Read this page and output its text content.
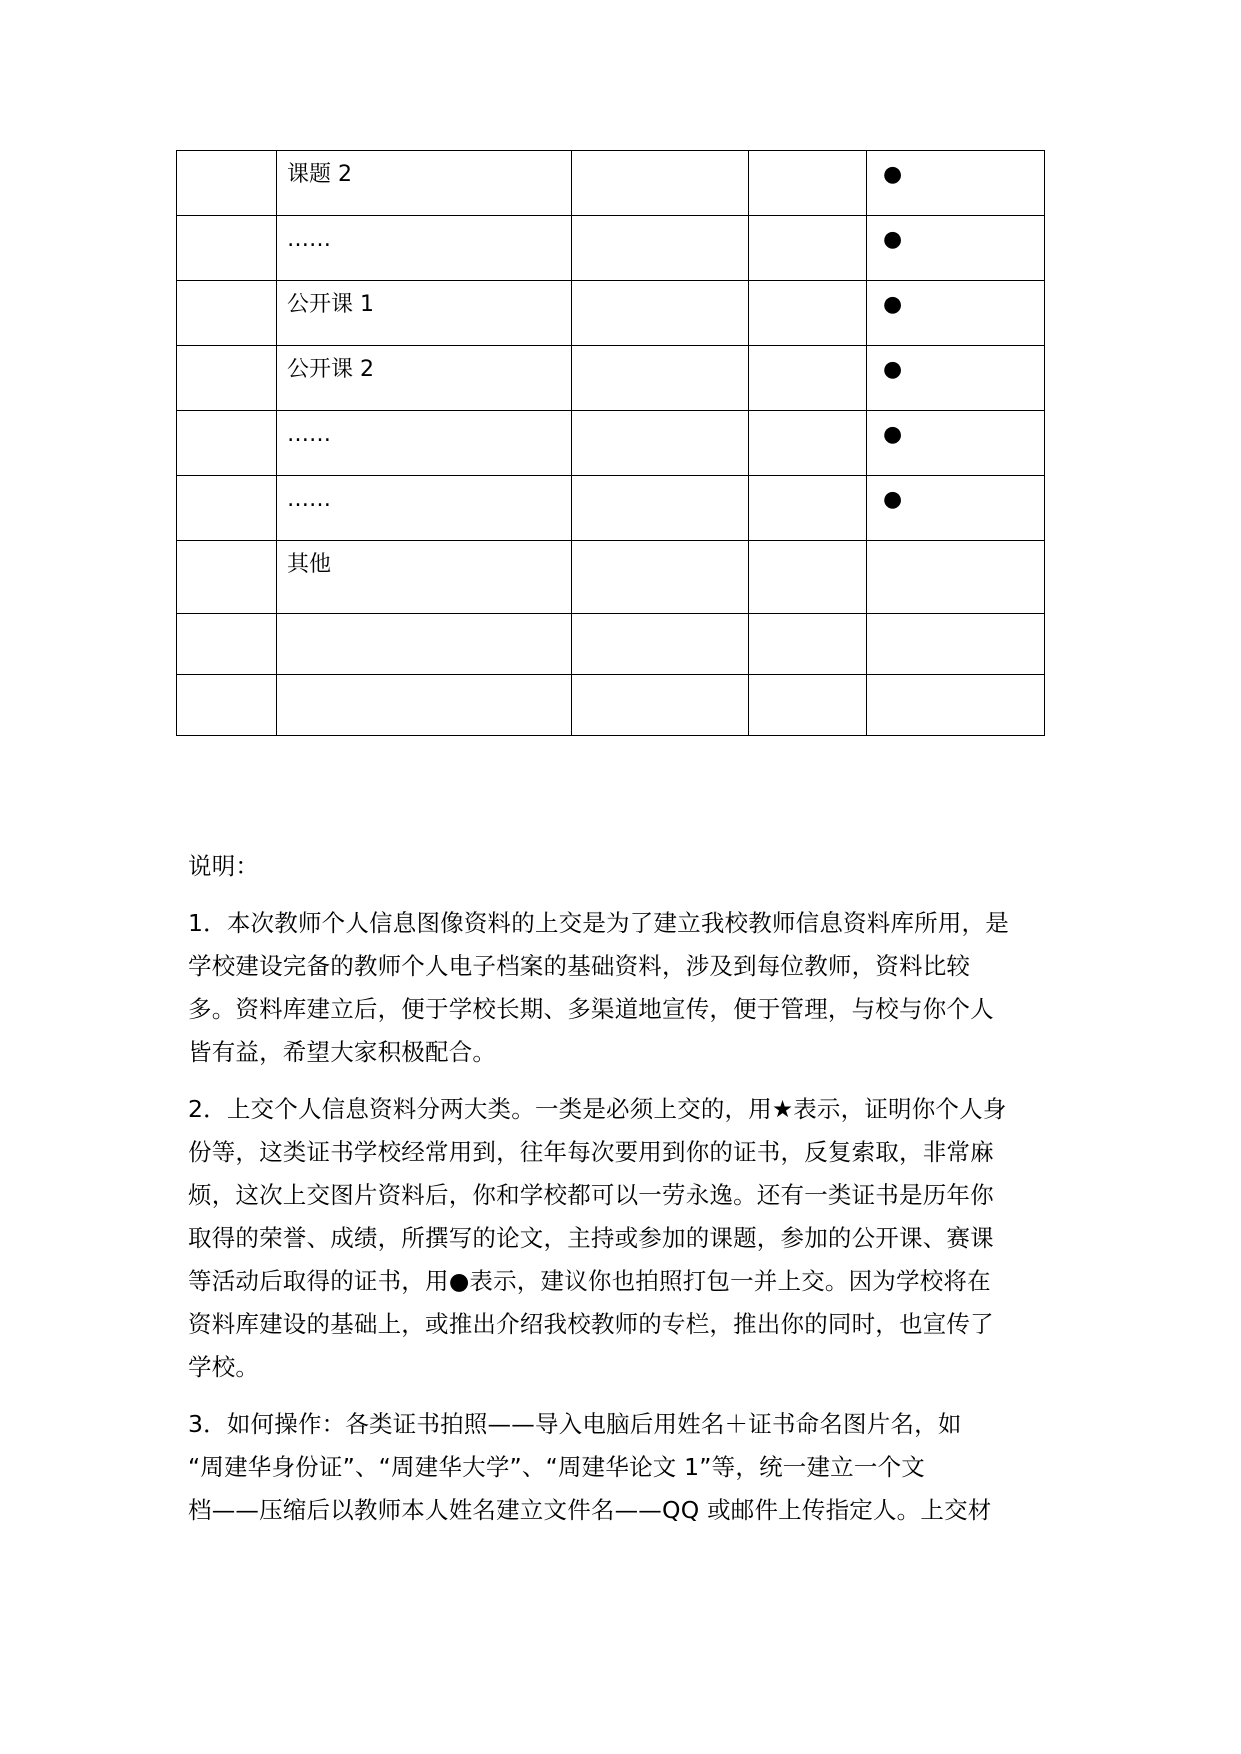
	课题 2			●
	……			●
	公开课 1			●
	公开课 2			●
	……			●
	……			●
	其他			

说明：

1．本次教师个人信息图像资料的上交是为了建立我校教师信息资料库所用，是
学校建设完备的教师个人电子档案的基础资料，涉及到每位教师，资料比较
多。资料库建立后，便于学校长期、多渠道地宣传，便于管理，与校与你个人
皆有益，希望大家积极配合。

2．上交个人信息资料分两大类。一类是必须上交的，用★表示，证明你个人身
份等，这类证书学校经常用到，往年每次要用到你的证书，反复索取，非常麻
烦，这次上交图片资料后，你和学校都可以一劳永逸。还有一类证书是历年你
取得的荣誉、成绩，所撰写的论文，主持或参加的课题，参加的公开课、赛课
等活动后取得的证书，用●表示，建议你也拍照打包一并上交。因为学校将在
资料库建设的基础上，或推出介绍我校教师的专栏，推出你的同时，也宣传了
学校。

3．如何操作：各类证书拍照——导入电脑后用姓名＋证书命名图片名，如
“周建华身份证”、“周建华大学”、“周建华论文 1”等，统一建立一个文
档——压缩后以教师本人姓名建立文件名——QQ 或邮件上传指定人。上交材
